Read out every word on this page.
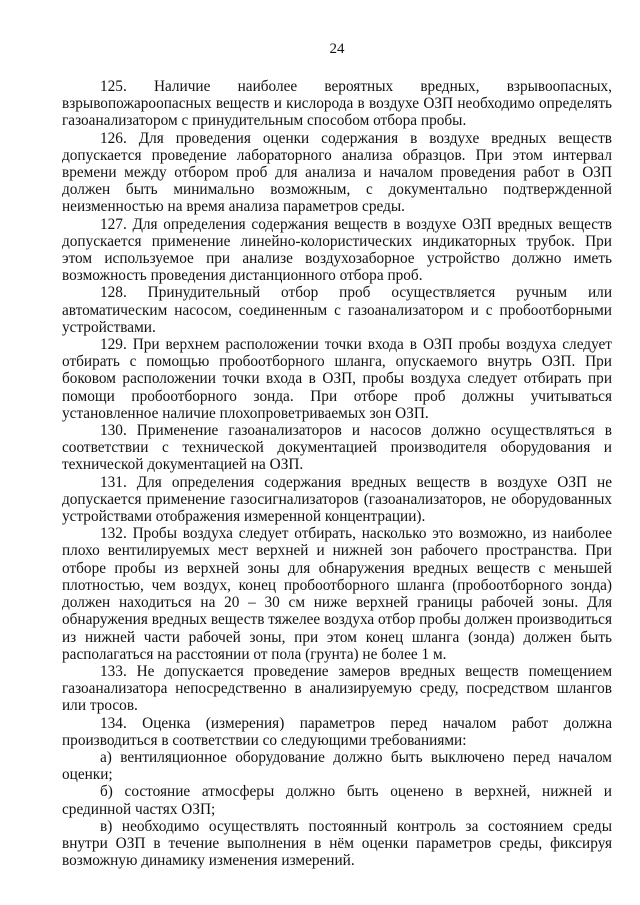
24

125. Наличие наиболее вероятных вредных, взрывоопасных, взрывопожароопасных веществ и кислорода в воздухе ОЗП необходимо определять газоанализатором с принудительным способом отбора пробы.

126. Для проведения оценки содержания в воздухе вредных веществ допускается проведение лабораторного анализа образцов. При этом интервал времени между отбором проб для анализа и началом проведения работ в ОЗП должен быть минимально возможным, с документально подтвержденной неизменностью на время анализа параметров среды.

127. Для определения содержания веществ в воздухе ОЗП вредных веществ допускается применение линейно-колористических индикаторных трубок. При этом используемое при анализе воздухозаборное устройство должно иметь возможность проведения дистанционного отбора проб.

128. Принудительный отбор проб осуществляется ручным или автоматическим насосом, соединенным с газоанализатором и с пробоотборными устройствами.

129. При верхнем расположении точки входа в ОЗП пробы воздуха следует отбирать с помощью пробоотборного шланга, опускаемого внутрь ОЗП. При боковом расположении точки входа в ОЗП, пробы воздуха следует отбирать при помощи пробоотборного зонда. При отборе проб должны учитываться установленное наличие плохопроветриваемых зон ОЗП.

130. Применение газоанализаторов и насосов должно осуществляться в соответствии с технической документацией производителя оборудования и технической документацией на ОЗП.

131. Для определения содержания вредных веществ в воздухе ОЗП не допускается применение газосигнализаторов (газоанализаторов, не оборудованных устройствами отображения измеренной концентрации).

132. Пробы воздуха следует отбирать, насколько это возможно, из наиболее плохо вентилируемых мест верхней и нижней зон рабочего пространства. При отборе пробы из верхней зоны для обнаружения вредных веществ с меньшей плотностью, чем воздух, конец пробоотборного шланга (пробоотборного зонда) должен находиться на 20 – 30 см ниже верхней границы рабочей зоны. Для обнаружения вредных веществ тяжелее воздуха отбор пробы должен производиться из нижней части рабочей зоны, при этом конец шланга (зонда) должен быть располагаться на расстоянии от пола (грунта) не более 1 м.

133. Не допускается проведение замеров вредных веществ помещением газоанализатора непосредственно в анализируемую среду, посредством шлангов или тросов.

134. Оценка (измерения) параметров перед началом работ должна производиться в соответствии со следующими требованиями:

а) вентиляционное оборудование должно быть выключено перед началом оценки;

б) состояние атмосферы должно быть оценено в верхней, нижней и срединной частях ОЗП;

в) необходимо осуществлять постоянный контроль за состоянием среды внутри ОЗП в течение выполнения в нём оценки параметров среды, фиксируя возможную динамику изменения измерений.
